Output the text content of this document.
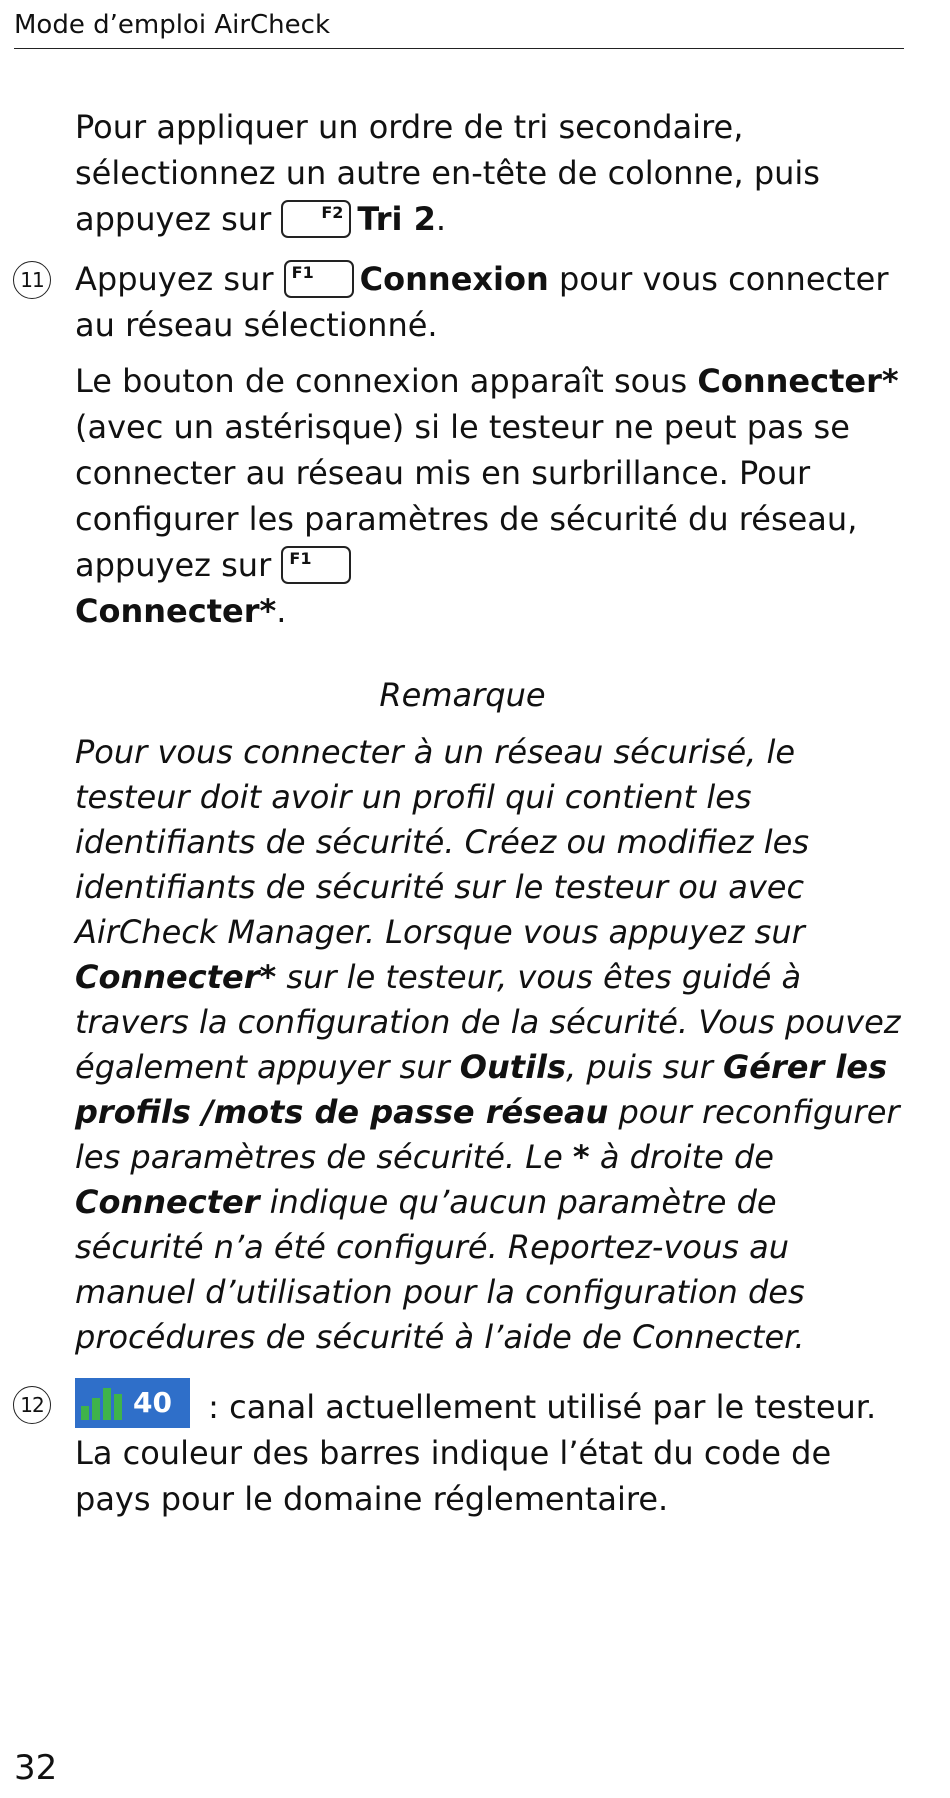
Mode d’emploi AirCheck

Pour appliquer un ordre de tri secondaire, sélectionnez un autre en-tête de colonne, puis appuyez sur F2 Tri 2.

11 Appuyez sur F1 Connexion pour vous connecter au réseau sélectionné.

Le bouton de connexion apparaît sous Connecter* (avec un astérisque) si le testeur ne peut pas se connecter au réseau mis en surbrillance. Pour configurer les paramètres de sécurité du réseau, appuyez sur F1

Connecter*.

Remarque

Pour vous connecter à un réseau sécurisé, le testeur doit avoir un profil qui contient les identifiants de sécurité. Créez ou modifiez les identifiants de sécurité sur le testeur ou avec AirCheck Manager. Lorsque vous appuyez sur Connecter* sur le testeur, vous êtes guidé à travers la configuration de la sécurité. Vous pouvez également appuyer sur Outils, puis sur Gérer les profils /mots de passe réseau pour reconfigurer les paramètres de sécurité. Le * à droite de Connecter indique qu’aucun paramètre de sécurité n’a été configuré. Reportez-vous au manuel d’utilisation pour la configuration des procédures de sécurité à l’aide de Connecter.

12	40 : canal actuellement utilisé par le testeur. La couleur des barres indique l’état du code de pays pour le domaine réglementaire.

32
